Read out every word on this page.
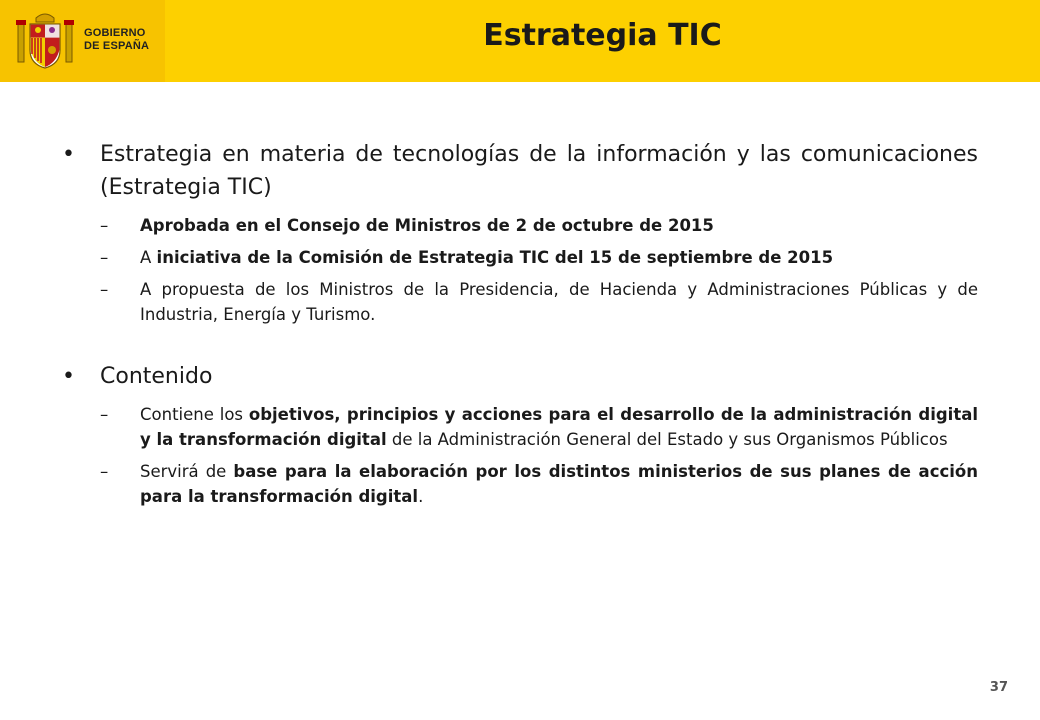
GOBIERNO
DE ESPAÑA	Estrategia TIC
• Estrategia en materia de tecnologías de la información y las comunicaciones (Estrategia TIC)
– Aprobada en el Consejo de Ministros de 2 de octubre de 2015
– A iniciativa de la Comisión de Estrategia TIC del 15 de septiembre de 2015
– A propuesta de los Ministros de la Presidencia, de Hacienda y Administraciones Públicas y de Industria, Energía y Turismo.
• Contenido
– Contiene los objetivos, principios y acciones para el desarrollo de la administración digital y la transformación digital de la Administración General del Estado y sus Organismos Públicos
– Servirá de base para la elaboración por los distintos ministerios de sus planes de acción para la transformación digital.
37
